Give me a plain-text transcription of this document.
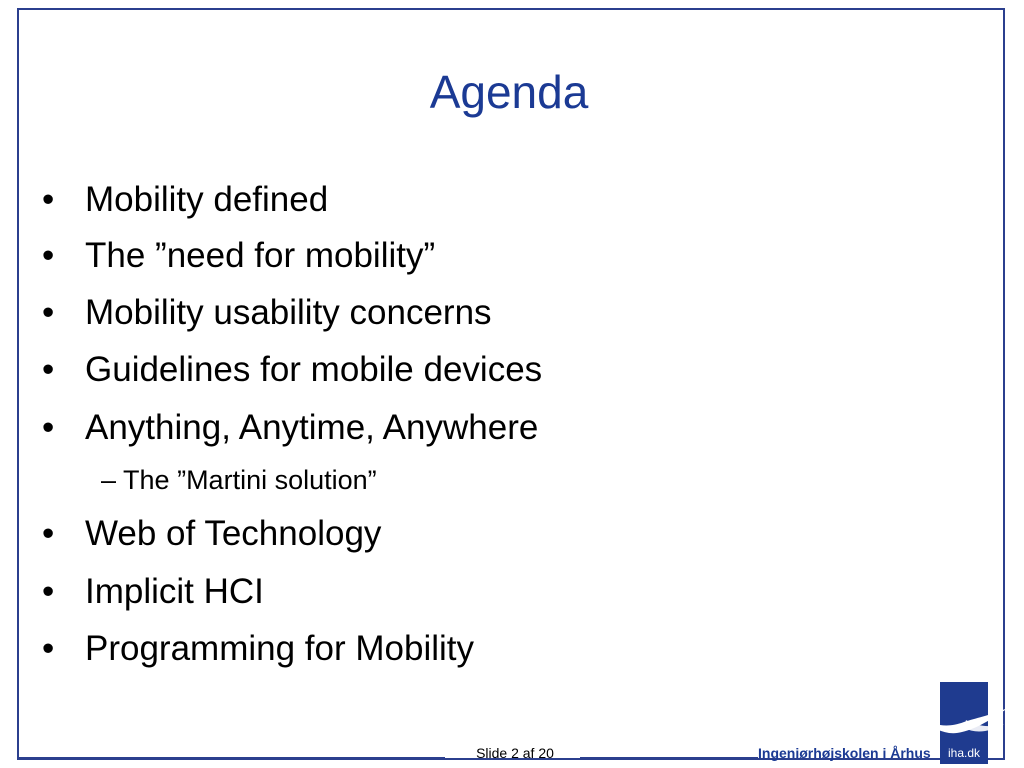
Agenda
• Mobility defined
• The ”need for mobility”
• Mobility usability concerns
• Guidelines for mobile devices
• Anything, Anytime, Anywhere
– The ”Martini solution”
• Web of Technology
• Implicit HCI
• Programming for Mobility
Slide 2 af 20	Ingeniørhøjskolen i Århus	iha.dk
